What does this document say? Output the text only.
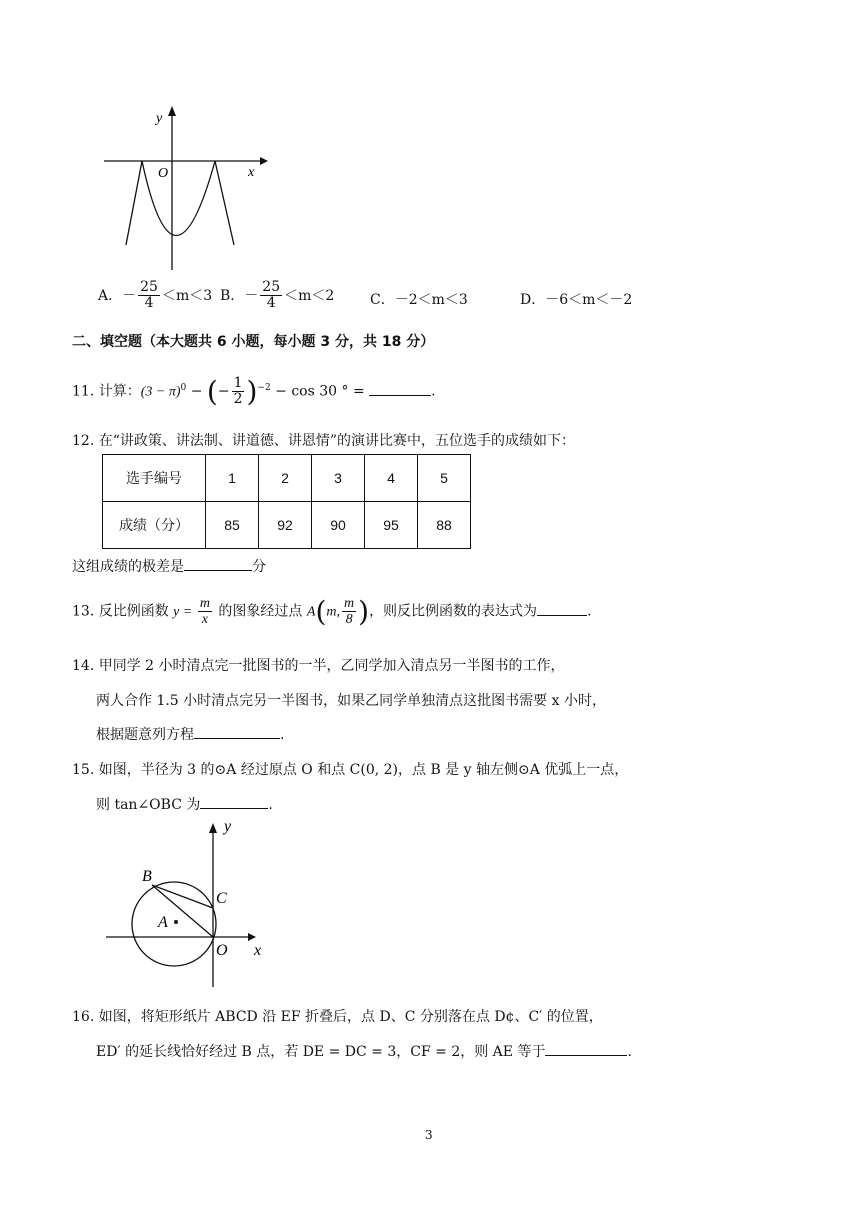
y
x
O
A．－ $\frac{25}{4} <m<3$ B．－ $\frac{25}{4} <m<2$	C．－2＜m＜3	D．－6＜m＜－2
二、填空题（本大题共 6 小题，每小题 3 分，共 18 分）
11. 计算：$(3 - \pi)^0$ − (− $\frac{1}{2} )^{-2} - \cos 30$ ° =	.
12. 在“讲政策、讲法制、讲道德、讲恩情”的演讲比赛中，五位选手的成绩如下：
选手编号	1	2	3	4	5
成绩（分）	85	92	90	95	88
这组成绩的极差是	分
13. 反比例函数 $y = \frac{m}{x}$ 的图象经过点 A(m, $\frac{m}{8}$ )，则反比例函数的表达式为	.
14. 甲同学 2 小时清点完一批图书的一半，乙同学加入清点另一半图书的工作，
两人合作 1.5 小时清点完另一半图书，如果乙同学单独清点这批图书需要 x 小时，
根据题意列方程	.
15. 如图，半径为 3 的⊙A 经过原点 O 和点 C(0, 2)，点 B 是 y 轴左侧⊙A 优弧上一点，
则 tan∠OBC 为	.
y
x
B
C
A
O
16. 如图，将矩形纸片 ABCD 沿 EF 折叠后，点 D、C 分别落在点 D¢、C′ 的位置，
ED′ 的延长线恰好经过 B 点，若 DE = DC = 3，CF = 2，则 AE 等于	.
3
